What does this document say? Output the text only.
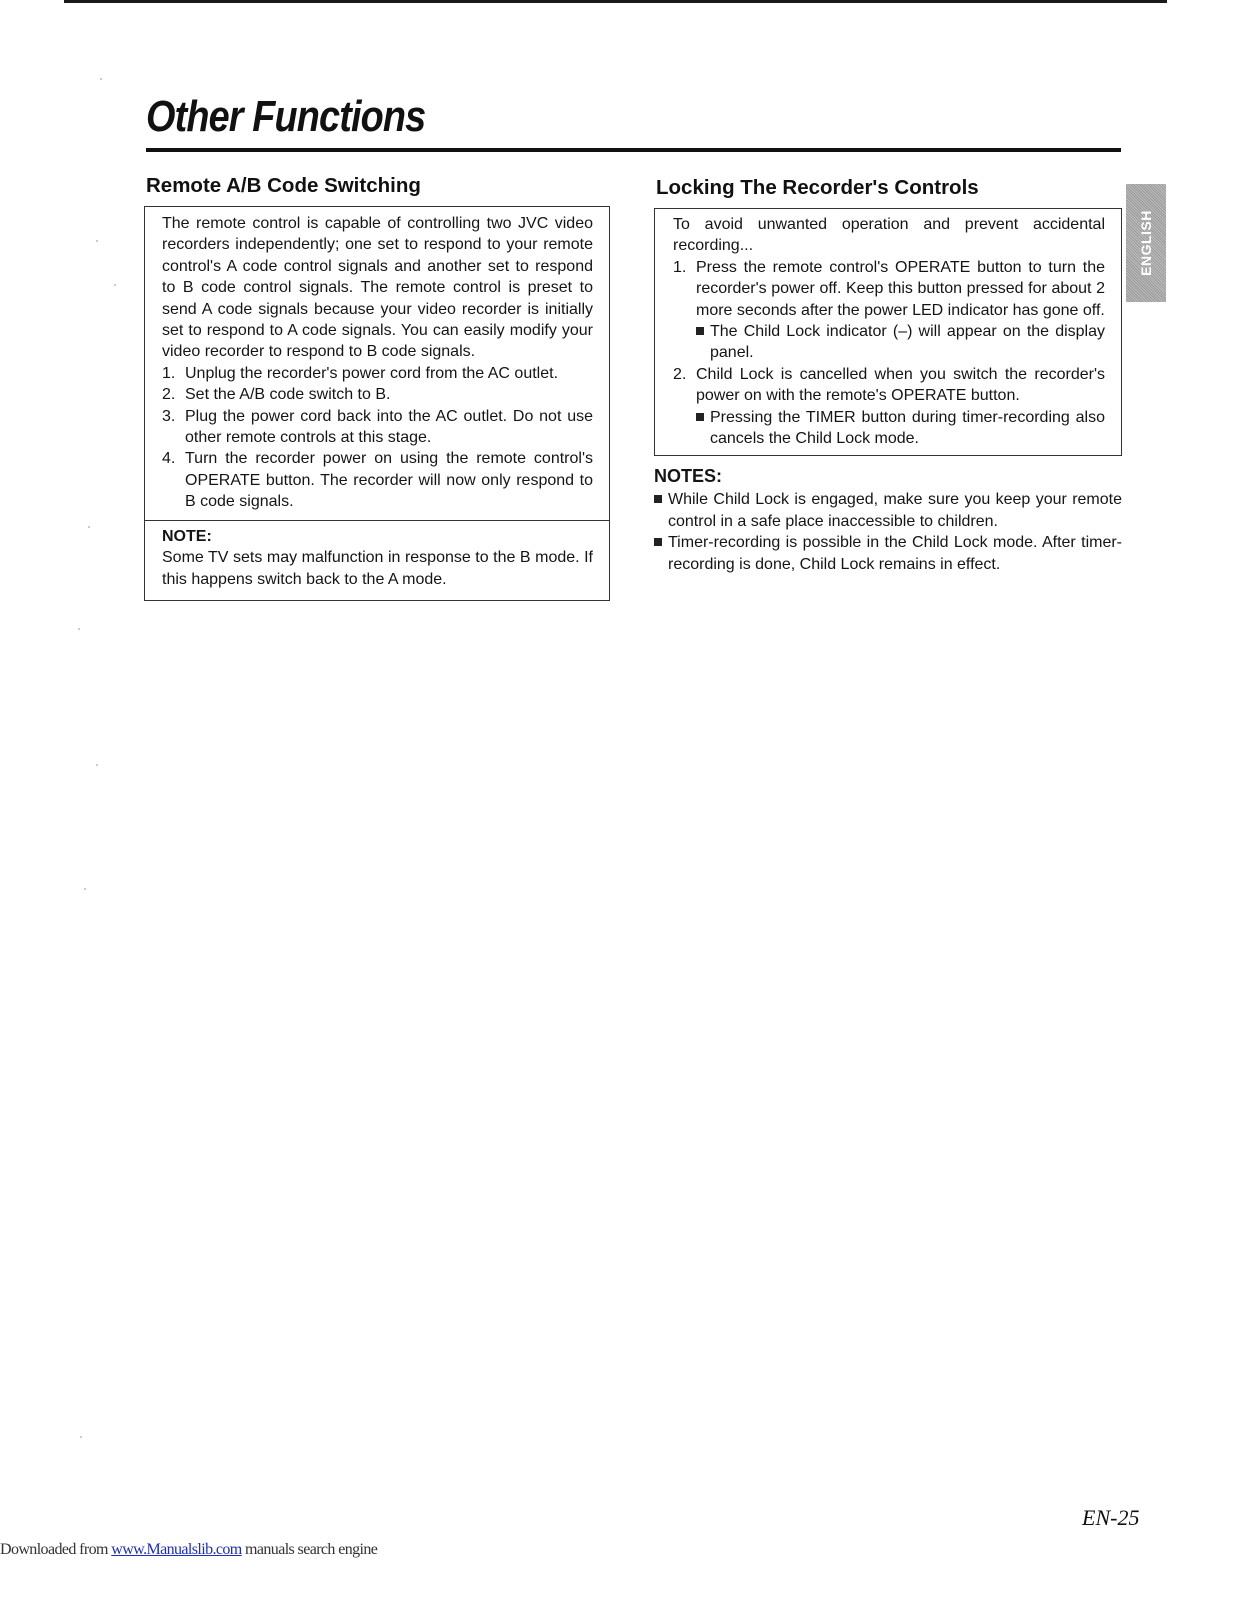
Other Functions
Remote A/B Code Switching

The remote control is capable of controlling two JVC video recorders independently; one set to respond to your remote control's A code control signals and another set to respond to B code control signals. The remote control is preset to send A code signals because your video recorder is initially set to respond to A code signals. You can easily modify your video recorder to respond to B code signals.

1. Unplug the recorder's power cord from the AC outlet.
2. Set the A/B code switch to B.
3. Plug the power cord back into the AC outlet. Do not use other remote controls at this stage.
4. Turn the recorder power on using the remote control's OPERATE button. The recorder will now only respond to B code signals.
NOTE:

Some TV sets may malfunction in response to the B mode. If this happens switch back to the A mode.

Locking The Recorder's Controls

To avoid unwanted operation and prevent accidental recording...

1. Press the remote control's OPERATE button to turn the recorder's power off. Keep this button pressed for about 2 more seconds after the power LED indicator has gone off.
The Child Lock indicator (–) will appear on the display panel.
2. Child Lock is cancelled when you switch the recorder's power on with the remote's OPERATE button.
Pressing the TIMER button during timer-recording also cancels the Child Lock mode.
NOTES:
While Child Lock is engaged, make sure you keep your remote control in a safe place inaccessible to children.
Timer-recording is possible in the Child Lock mode. After timer-recording is done, Child Lock remains in effect.
ENGLISH
EN-25
Downloaded from www.Manualslib.com manuals search engine
